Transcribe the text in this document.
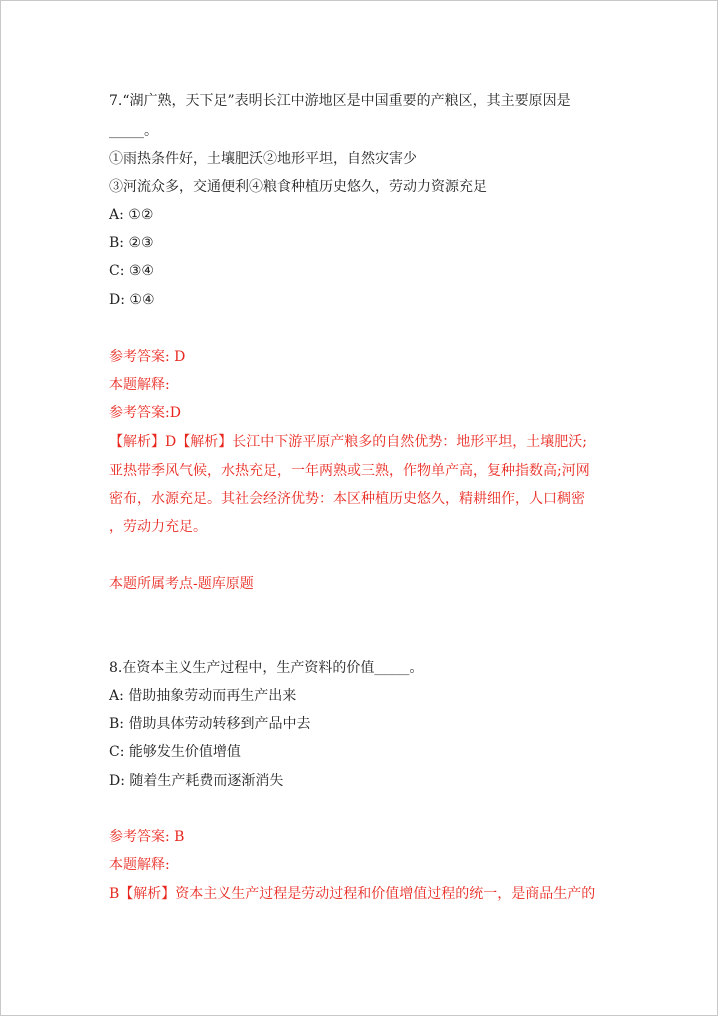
7.“湖广熟，天下足”表明长江中游地区是中国重要的产粮区，其主要原因是
_____。
①雨热条件好，土壤肥沃②地形平坦，自然灾害少
③河流众多，交通便利④粮食种植历史悠久，劳动力资源充足
A: ①②
B: ②③
C: ③④
D: ①④
参考答案: D
本题解释:
参考答案:D
【解析】D【解析】长江中下游平原产粮多的自然优势：地形平坦，土壤肥沃;
亚热带季风气候，水热充足，一年两熟或三熟，作物单产高，复种指数高;河网
密布，水源充足。其社会经济优势：本区种植历史悠久，精耕细作，人口稠密
，劳动力充足。
本题所属考点-题库原题
8.在资本主义生产过程中，生产资料的价值_____。
A: 借助抽象劳动而再生产出来
B: 借助具体劳动转移到产品中去
C: 能够发生价值增值
D: 随着生产耗费而逐渐消失
参考答案: B
本题解释:
B【解析】资本主义生产过程是劳动过程和价值增值过程的统一，是商品生产的
